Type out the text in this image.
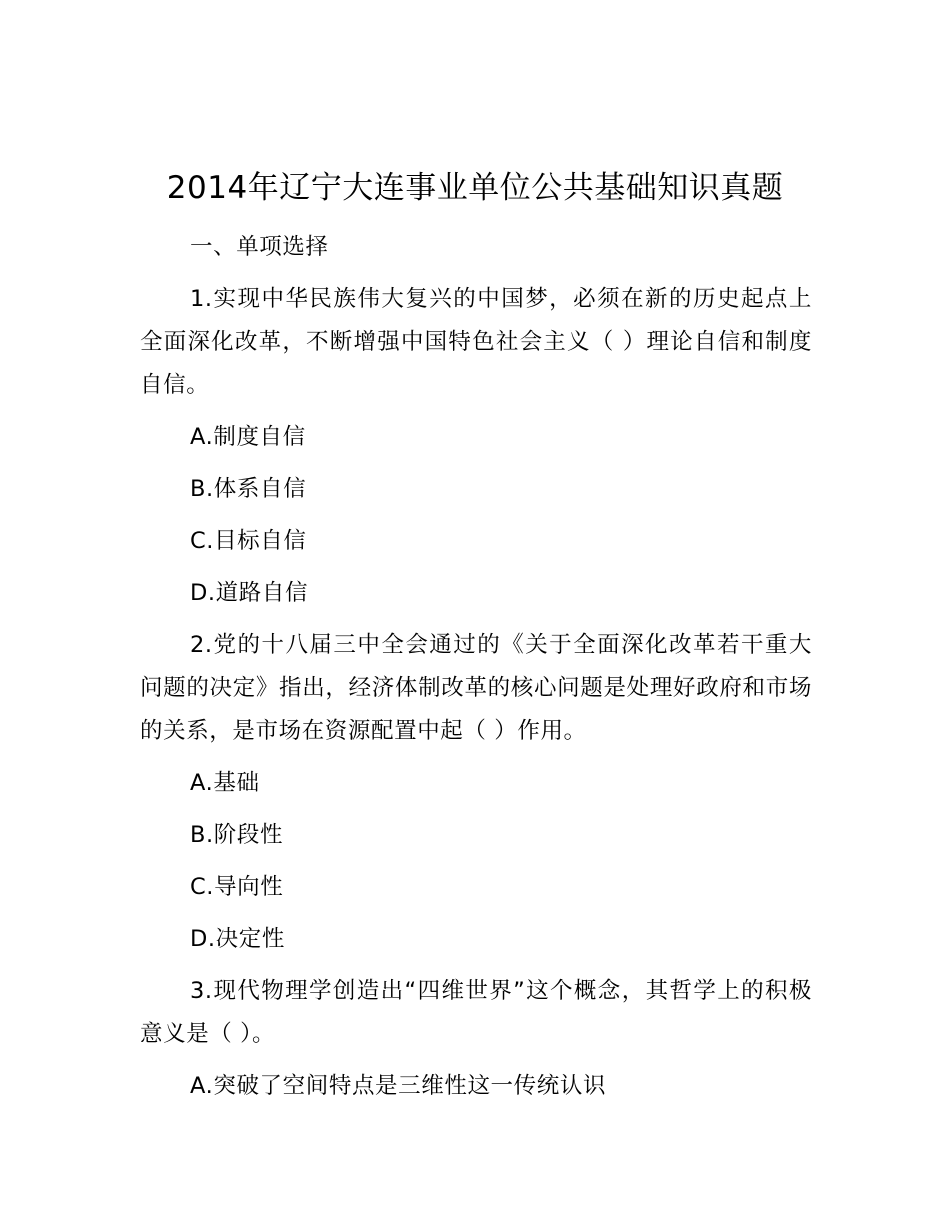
2014年辽宁大连事业单位公共基础知识真题
一、单项选择
1.实现中华民族伟大复兴的中国梦，必须在新的历史起点上全面深化改革，不断增强中国特色社会主义（ ）理论自信和制度自信。
A.制度自信
B.体系自信
C.目标自信
D.道路自信
2.党的十八届三中全会通过的《关于全面深化改革若干重大问题的决定》指出，经济体制改革的核心问题是处理好政府和市场的关系，是市场在资源配置中起（ ）作用。
A.基础
B.阶段性
C.导向性
D.决定性
3.现代物理学创造出“四维世界”这个概念，其哲学上的积极意义是（ ）。
A.突破了空间特点是三维性这一传统认识
